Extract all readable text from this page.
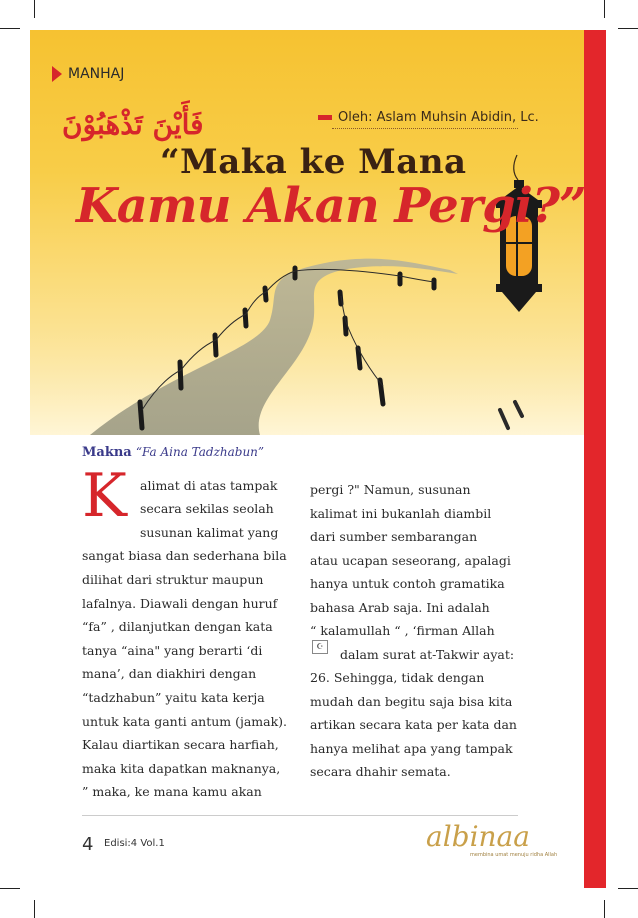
MANHAJ
فَأَيْنَ تَذْهَبُوْنَ	Oleh: Aslam Muhsin Abidin, Lc.
“Maka ke Mana
Kamu Akan Pergi?”
Makna “Fa Aina Tadzhabun”
K alimat di atas tampak
secara sekilas seolah
susunan kalimat yang
sangat biasa dan sederhana bila
dilihat dari struktur maupun
lafalnya. Diawali dengan huruf
“fa” , dilanjutkan dengan kata
tanya “aina" yang berarti ‘di
mana’, dan diakhiri dengan
“tadzhabun” yaitu kata kerja
untuk kata ganti antum (jamak).
Kalau diartikan secara harfiah,
maka kita dapatkan maknanya,
” maka, ke mana kamu akan
pergi ?" Namun, susunan
kalimat ini bukanlah diambil
dari sumber sembarangan
atau ucapan seseorang, apalagi
hanya untuk contoh gramatika
bahasa Arab saja. Ini adalah
“ kalamullah “ , ‘firman Allah
☪
dalam surat at-Takwir ayat:
26. Sehingga, tidak dengan
mudah dan begitu saja bisa kita
artikan secara kata per kata dan
hanya melihat apa yang tampak
secara dhahir semata.
4 Edisi:4 Vol.1	albinaa
membina umat menuju ridha Allah
